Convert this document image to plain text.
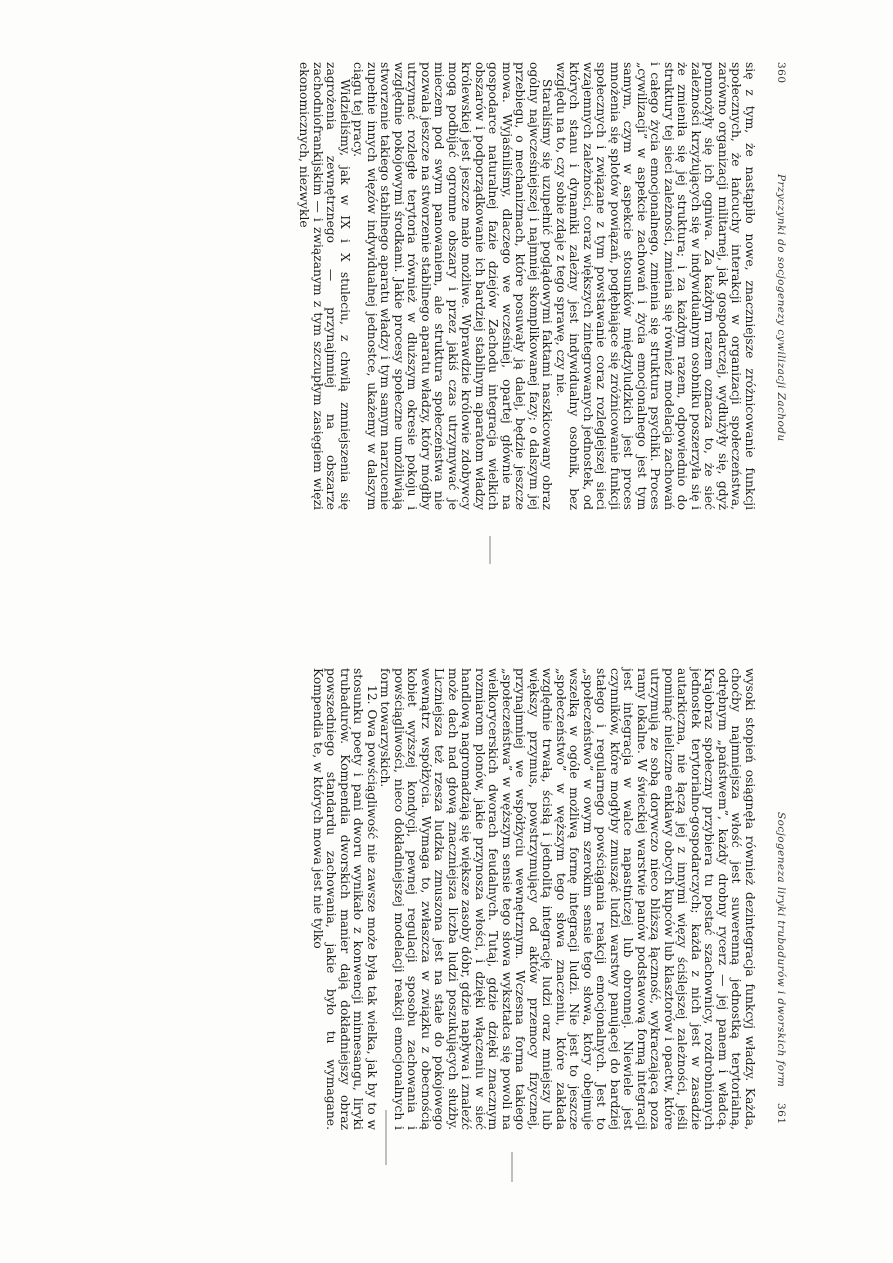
360
Przyczynki do socjogenezy cywilizacji Zachodu

się z tym, że nastąpiło nowe, znaczniejsze zróżnicowanie funkcji społecznych, że łańcuchy interakcji w organizacji społeczeństwa, zarówno organizacji militarnej, jak gospodarczej, wydłużyły się, gdyż pomnożyły się ich ogniwa. Za każdym razem oznacza to, że sieć zależności krzyżujących się w indywidualnym osobniku poszerzyła się i że zmieniła się jej struktura; i za każdym razem, odpowiednio do struktury tej sieci zależności, zmienia się również modelacja zachowań i całego życia emocjonalnego, zmienia się struktura psychiki. Proces „cywilizacji” w aspekcie zachowań i życia emocjonalnego jest tym samym, czym w aspekcie stosunków międzyludzkich jest proces mnożenia się splotów powiązań, pogłębiające się zróżnicowanie funkcji społecznych i związane z tym powstawanie coraz rozleglejszej sieci wzajemnych zależności, coraz większych zintegrowanych jednostek, od których stanu i dynamiki zależny jest indywidualny osobnik, bez względu na to, czy sobie zdaje z tego sprawę, czy nie.

Staraliśmy się uzupełnić poglądowymi faktami naszkicowany obraz ogólny najwcześniejszej i najmniej skomplikowanej fazy; o dalszym jej przebiegu, o mechanizmach, które posuwały ją dalej, będzie jeszcze mowa. Wyjaśniliśmy, dlaczego we wcześniej, opartej głównie na gospodarce naturalnej fazie dziejów Zachodu integracja wielkich obszarów i podporządkowanie ich bardziej stabilnym aparatom władzy królewskiej jest jeszcze mało możliwe. Wprawdzie królowie zdobywcy mogą podbijać ogromne obszary i przez jakiś czas utrzymywać je mieczem pod swym panowaniem, ale struktura społeczeństwa nie pozwala jeszcze na stworzenie stabilnego aparatu władzy, który mógłby utrzymać rozległe terytoria również w dłuższym okresie pokoju i względnie pokojowymi środkami. Jakie procesy społeczne umożliwiają stworzenie takiego stabilnego aparatu władzy i tym samym narzucenie zupełnie innych więzów indywidualnej jednostce, ukażemy w dalszym ciągu tej pracy.

Widzieliśmy, jak w IX i X stuleciu, z chwilą zmniejszenia się zagrożenia zewnętrznego — przynajmniej na obszarze zachodniofrankijskim — i związanym z tym szczupłym zasięgiem więzi ekonomicznych, niezwykle

Socjogeneza liryki trubadurów i dworskich form
361

wysoki stopień osiągnęła również dezintegracja funkcyj władzy. Każda, choćby najmniejsza włość jest suwerenną jednostką terytorialną, odrębnym „państwem”, każdy drobny rycerz — jej panem i władcą. Krajobraz społeczny przybiera tu postać szachownicy, rozdrobnionych jednostek terytorialno-gospodarczych; każda z nich jest w zasadzie autarkiczna, nie łączą jej z innymi więzy ściślejszej zależności, jeśli pominąć nieliczne enklawy obcych kupców lub klasztorów i opactw, które utrzymują ze sobą dorywczo nieco bliższą łączność, wykraczającą poza ramy lokalne. W świeckiej warstwie panów podstawową formą integracji jest integracja w walce napastniczej lub obronnej. Niewiele jest czynników, które mogłyby zmusząć ludzi warstwy panującej do bardziej stałego i regularnego powściągania reakcji emocjonalnych. Jest to „społeczeństwo” w owym szerokim sensie tego słowa, który obejmuje wszelką w ogóle możliwą formę integracji ludzi. Nie jest to jeszcze „społeczeństwo” w węższym tego słowa znaczeniu, które zakłada względnie trwałą, ścisłą i jednolitą integrację ludzi oraz mniejszy lub większy przymus, powstrzymujący od aktów przemocy fizycznej, przynajmniej we współżyciu wewnętrznym. Wczesna forma takiego „społeczeństwa” w węższym sensie tego słowa wykształca się powoli na wielkorycerskich dworach feudalnych. Tutaj, gdzie dzięki znacznym rozmiarom plonów, jakie przynosza włości, i dzięki włączeniu w sieć handlową nagromadzają się większe zasoby dóbr, gdzie napływa i znaleźć może dach nad głową znaczniejsza liczba ludzi poszukujących służby. Liczniejsza też rzesza ludzka zmuszona jest na stałe do pokojowego wewnątrz współżycia. Wymaga to, zwłaszcza w związku z obecnością kobiet wyższej kondycji, pewnej regulacji sposobu zachowania i powściągliwości, nieco dokładniejszej modelacji reakcji emocjonalnych i form towarzyskich.

12. Owa powściągliwość nie zawsze może była tak wielka, jak by to w stosunku poety i pani dworu wynikało z konwencji minnesangu, liryki trubadurów. Kompendia dworskich manier dają dokładniejszy obraz powszedniego standardu zachowania, jakie było tu wymagane. Kompendia te, w których mowa jest nie tylko
